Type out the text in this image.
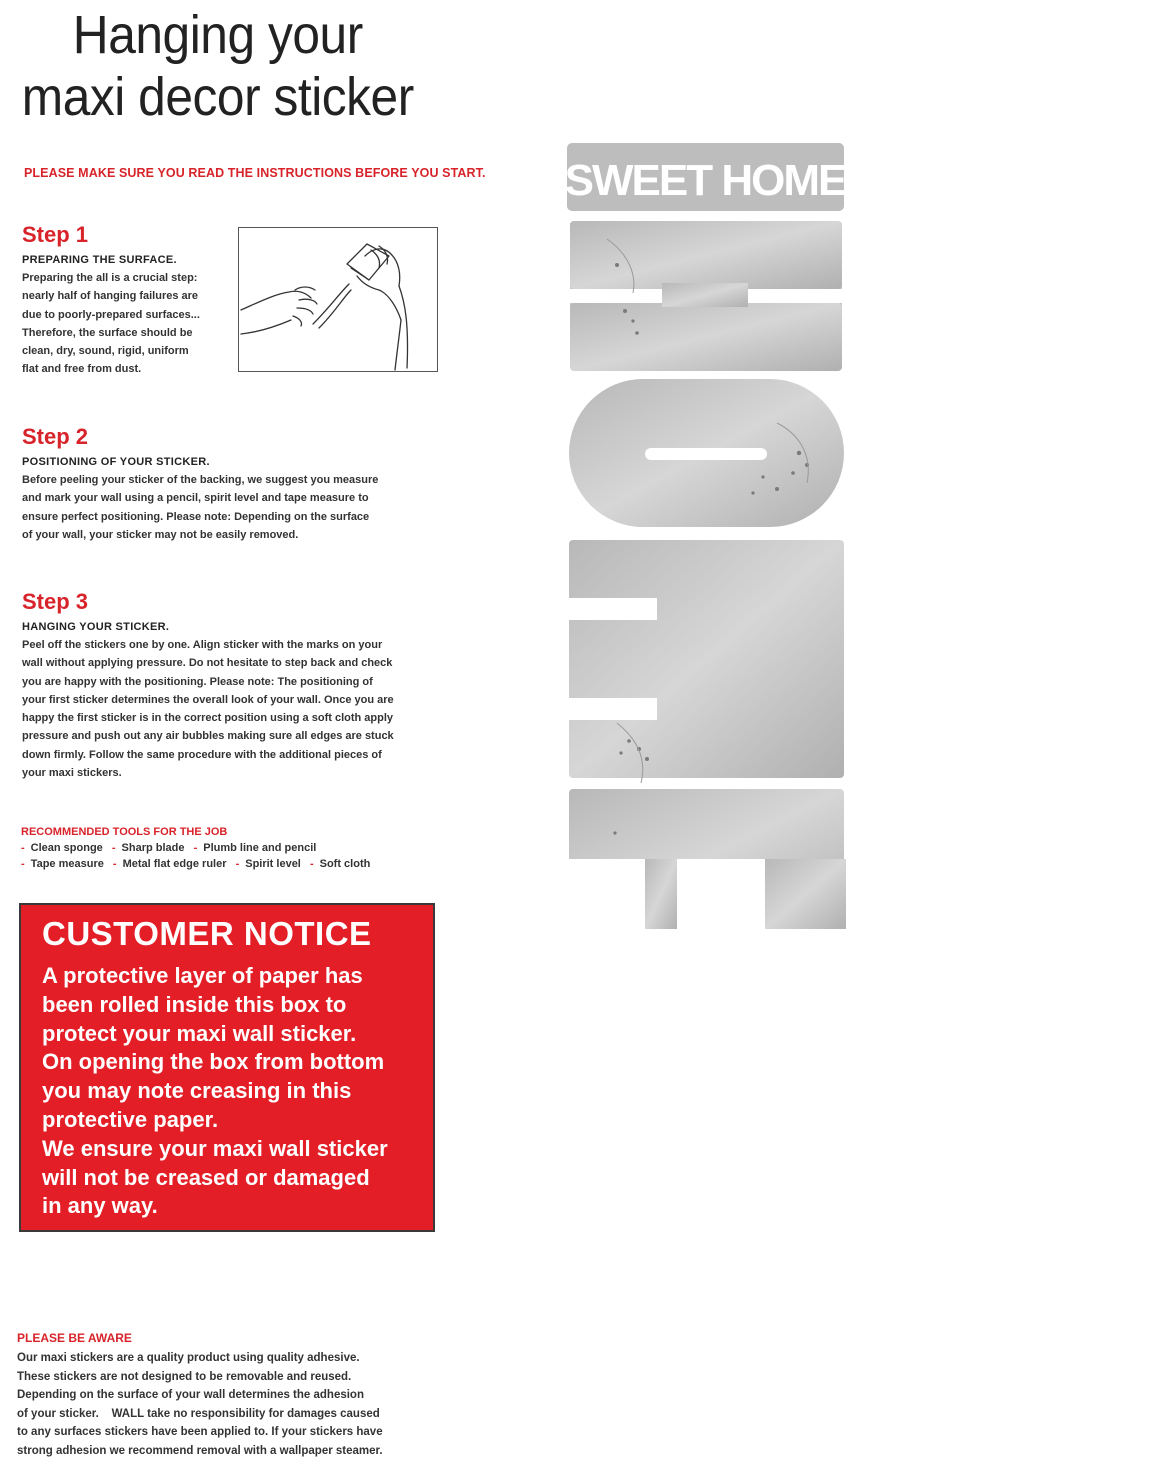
Hanging your
maxi decor sticker
PLEASE MAKE SURE YOU READ THE INSTRUCTIONS BEFORE YOU START.
Step 1
PREPARING THE SURFACE.
Preparing the all is a crucial step:
nearly half of hanging failures are
due to poorly-prepared surfaces...
Therefore, the surface should be
clean, dry, sound, rigid, uniform
flat and free from dust.
Step 2
POSITIONING OF YOUR STICKER.
Before peeling your sticker of the backing, we suggest you measure
and mark your wall using a pencil, spirit level and tape measure to
ensure perfect positioning. Please note: Depending on the surface
of your wall, your sticker may not be easily removed.
Step 3
HANGING YOUR STICKER.
Peel off the stickers one by one. Align sticker with the marks on your
wall without applying pressure. Do not hesitate to step back and check
you are happy with the positioning. Please note: The positioning of
your first sticker determines the overall look of your wall. Once you are
happy the first sticker is in the correct position using a soft cloth apply
pressure and push out any air bubbles making sure all edges are stuck
down firmly. Follow the same procedure with the additional pieces of
your maxi stickers.
RECOMMENDED TOOLS FOR THE JOB
- Clean sponge - Sharp blade - Plumb line and pencil
- Tape measure - Metal flat edge ruler - Spirit level - Soft cloth
CUSTOMER NOTICE
A protective layer of paper has
been rolled inside this box to
protect your maxi wall sticker.
On opening the box from bottom
you may note creasing in this
protective paper.
We ensure your maxi wall sticker
will not be creased or damaged
in any way.
PLEASE BE AWARE
Our maxi stickers are a quality product using quality adhesive.
These stickers are not designed to be removable and reused.
Depending on the surface of your wall determines the adhesion
of your sticker.    WALL take no responsibility for damages caused
to any surfaces stickers have been applied to. If your stickers have
strong adhesion we recommend removal with a wallpaper steamer.
SWEET HOME
